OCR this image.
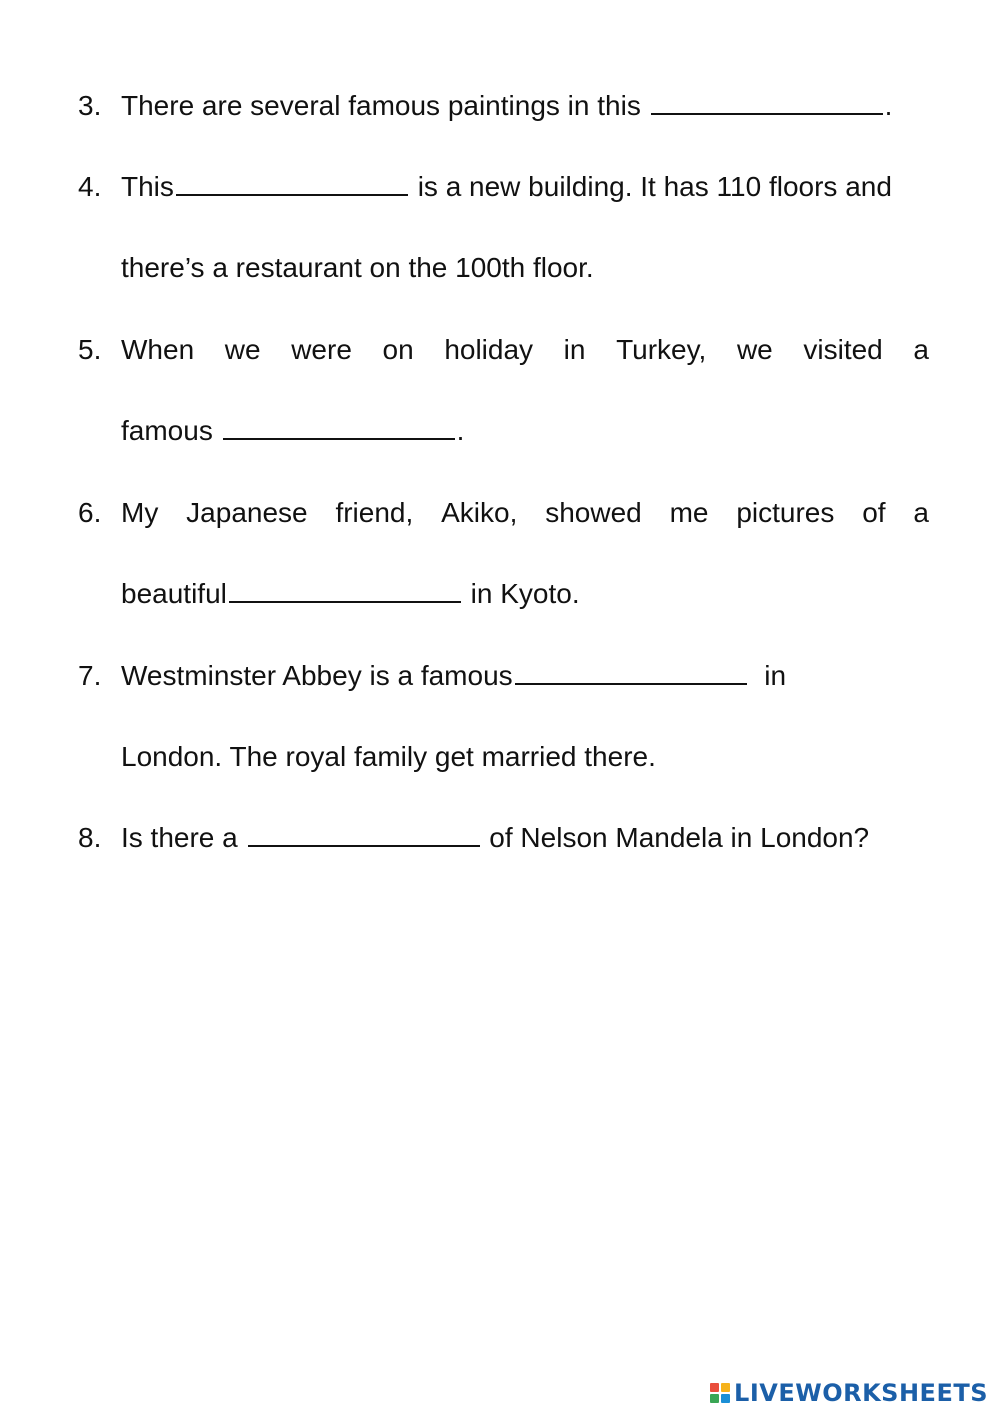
3. There are several famous paintings in this	.
4. This	is a new building. It has 110 floors and
there’s a restaurant on the 100th floor.
5. When we were on holiday in Turkey, we visited a
famous	.
6. My Japanese friend, Akiko, showed me pictures of a
beautiful	in Kyoto.
7. Westminster Abbey is a famous	in
London. The royal family get married there.
8. Is there a	of Nelson Mandela in London?
LIVEWORKSHEETS
